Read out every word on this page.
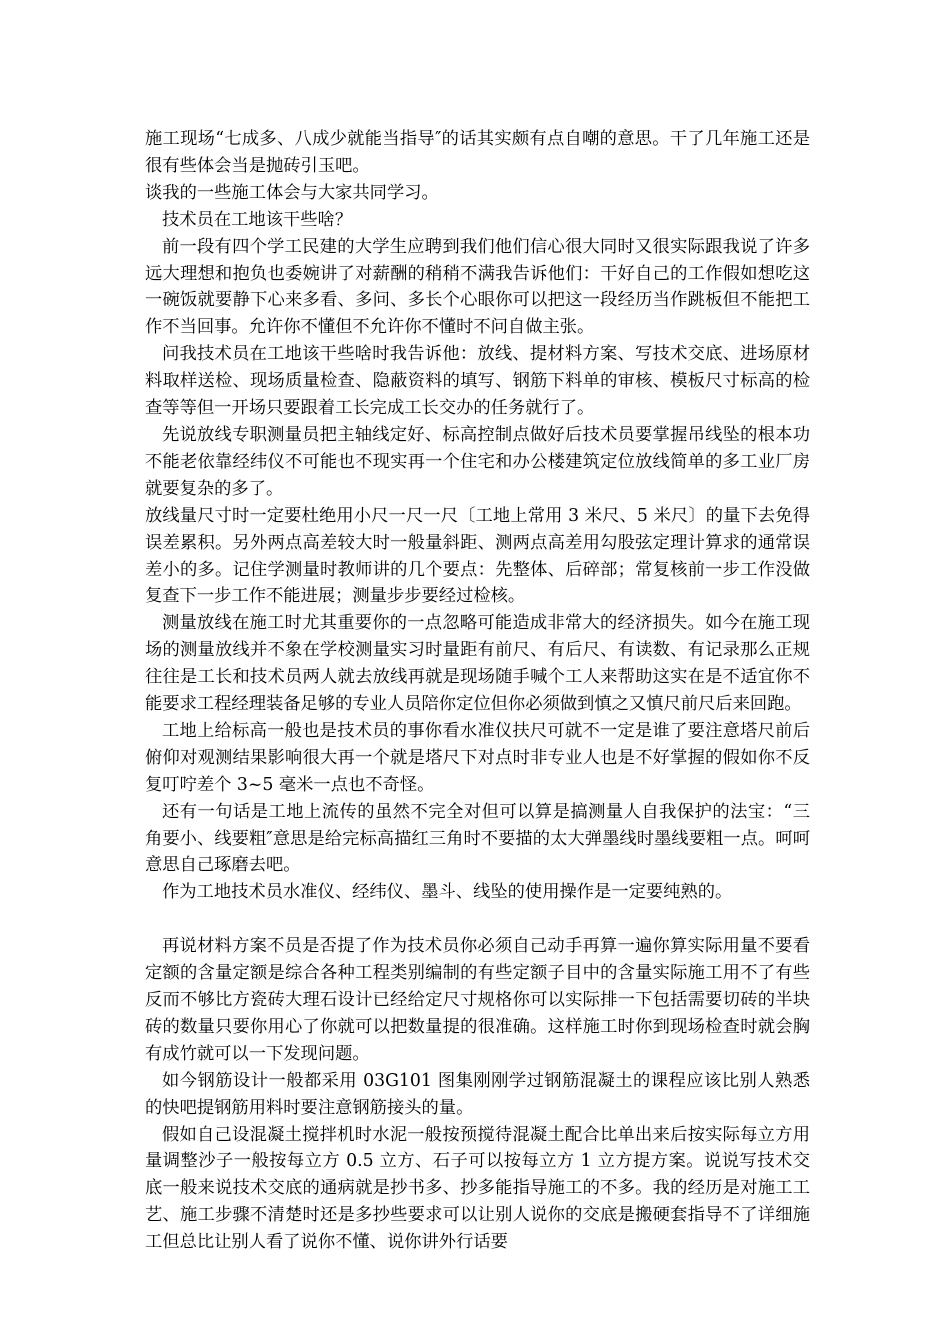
施工现场“七成多、八成少就能当指导″的话其实颇有点自嘲的意思。干了几年施工还是很有些体会当是抛砖引玉吧。

谈我的一些施工体会与大家共同学习。

技术员在工地该干些啥？

前一段有四个学工民建的大学生应聘到我们他们信心很大同时又很实际跟我说了许多远大理想和抱负也委婉讲了对薪酬的稍稍不满我告诉他们：干好自己的工作假如想吃这一碗饭就要静下心来多看、多问、多长个心眼你可以把这一段经历当作跳板但不能把工作不当回事。允许你不懂但不允许你不懂时不问自做主张。

问我技术员在工地该干些啥时我告诉他：放线、提材料方案、写技术交底、进场原材料取样送检、现场质量检查、隐蔽资料的填写、钢筋下料单的审核、模板尺寸标高的检查等等但一开场只要跟着工长完成工长交办的任务就行了。

先说放线专职测量员把主轴线定好、标高控制点做好后技术员要掌握吊线坠的根本功不能老依靠经纬仪不可能也不现实再一个住宅和办公楼建筑定位放线简单的多工业厂房就要复杂的多了。

放线量尺寸时一定要杜绝用小尺一尺一尺〔工地上常用 3 米尺、5 米尺〕的量下去免得误差累积。另外两点高差较大时一般量斜距、测两点高差用勾股弦定理计算求的通常误差小的多。记住学测量时教师讲的几个要点：先整体、后碎部；常复核前一步工作没做复查下一步工作不能进展；测量步步要经过检核。

测量放线在施工时尤其重要你的一点忽略可能造成非常大的经济损失。如今在施工现场的测量放线并不象在学校测量实习时量距有前尺、有后尺、有读数、有记录那么正规往往是工长和技术员两人就去放线再就是现场随手喊个工人来帮助这实在是不适宜你不能要求工程经理装备足够的专业人员陪你定位但你必须做到慎之又慎尺前尺后来回跑。

工地上给标高一般也是技术员的事你看水准仪扶尺可就不一定是谁了要注意塔尺前后俯仰对观测结果影响很大再一个就是塔尺下对点时非专业人也是不好掌握的假如你不反复叮咛差个 3~5 毫米一点也不奇怪。

还有一句话是工地上流传的虽然不完全对但可以算是搞测量人自我保护的法宝：“三角要小、线要粗″意思是给完标高描红三角时不要描的太大弹墨线时墨线要粗一点。呵呵意思自己琢磨去吧。

作为工地技术员水准仪、经纬仪、墨斗、线坠的使用操作是一定要纯熟的。

再说材料方案不员是否提了作为技术员你必须自己动手再算一遍你算实际用量不要看定额的含量定额是综合各种工程类别编制的有些定额子目中的含量实际施工用不了有些反而不够比方瓷砖大理石设计已经给定尺寸规格你可以实际排一下包括需要切砖的半块砖的数量只要你用心了你就可以把数量提的很准确。这样施工时你到现场检查时就会胸有成竹就可以一下发现问题。

如今钢筋设计一般都采用 03G101 图集刚刚学过钢筋混凝土的课程应该比别人熟悉的快吧提钢筋用料时要注意钢筋接头的量。

假如自己设混凝土搅拌机时水泥一般按预搅待混凝土配合比单出来后按实际每立方用量调整沙子一般按每立方 0.5 立方、石子可以按每立方 1 立方提方案。说说写技术交底一般来说技术交底的通病就是抄书多、抄多能指导施工的不多。我的经历是对施工工艺、施工步骤不清楚时还是多抄些要求可以让别人说你的交底是搬硬套指导不了详细施工但总比让别人看了说你不懂、说你讲外行话要
